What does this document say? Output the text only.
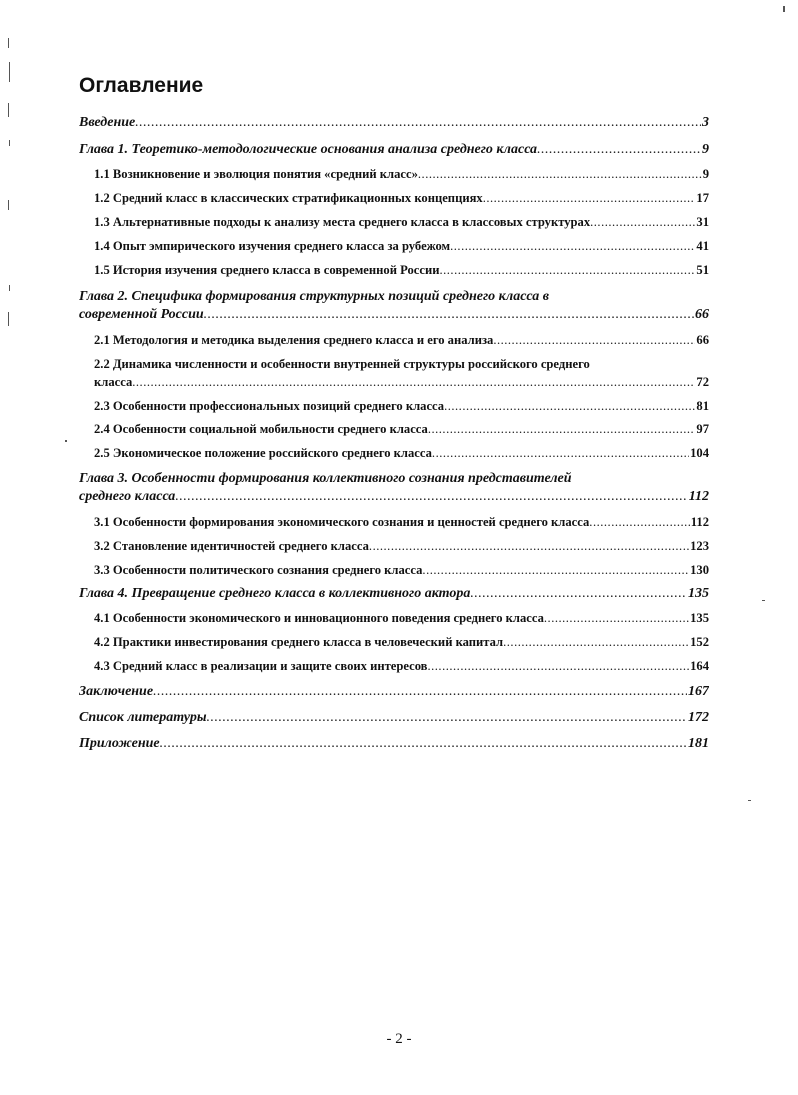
Оглавление
Введение .....	3
Глава 1. Теоретико-методологические основания анализа среднего класса .....	9
1.1 Возникновение и эволюция понятия «средний класс» .....	9
1.2 Средний класс в классических стратификационных концепциях .....	17
1.3 Альтернативные подходы к анализу места среднего класса в классовых структурах .....	31
1.4 Опыт эмпирического изучения среднего класса за рубежом .....	41
1.5 История изучения среднего класса в современной России .....	51
Глава 2. Специфика формирования структурных позиций среднего класса в
современной России .....	66
2.1 Методология и методика выделения среднего класса и его анализа .....	66
2.2 Динамика численности и особенности внутренней структуры российского среднего
класса .....	72
2.3 Особенности профессиональных позиций среднего класса .....	81
2.4 Особенности социальной мобильности среднего класса .....	97
2.5 Экономическое положение российского среднего класса .....	104
Глава 3. Особенности формирования коллективного сознания представителей
среднего класса .....	112
3.1 Особенности формирования экономического сознания и ценностей среднего класса .....	112
3.2 Становление идентичностей среднего класса .....	123
3.3 Особенности политического сознания среднего класса .....	130
Глава 4. Превращение среднего класса в коллективного актора .....	135
4.1 Особенности экономического и инновационного поведения среднего класса .....	135
4.2 Практики инвестирования среднего класса в человеческий капитал .....	152
4.3 Средний класс в реализации и защите своих интересов .....	164
Заключение .....	167
Список литературы .....	172
Приложение .....	181
- 2 -
